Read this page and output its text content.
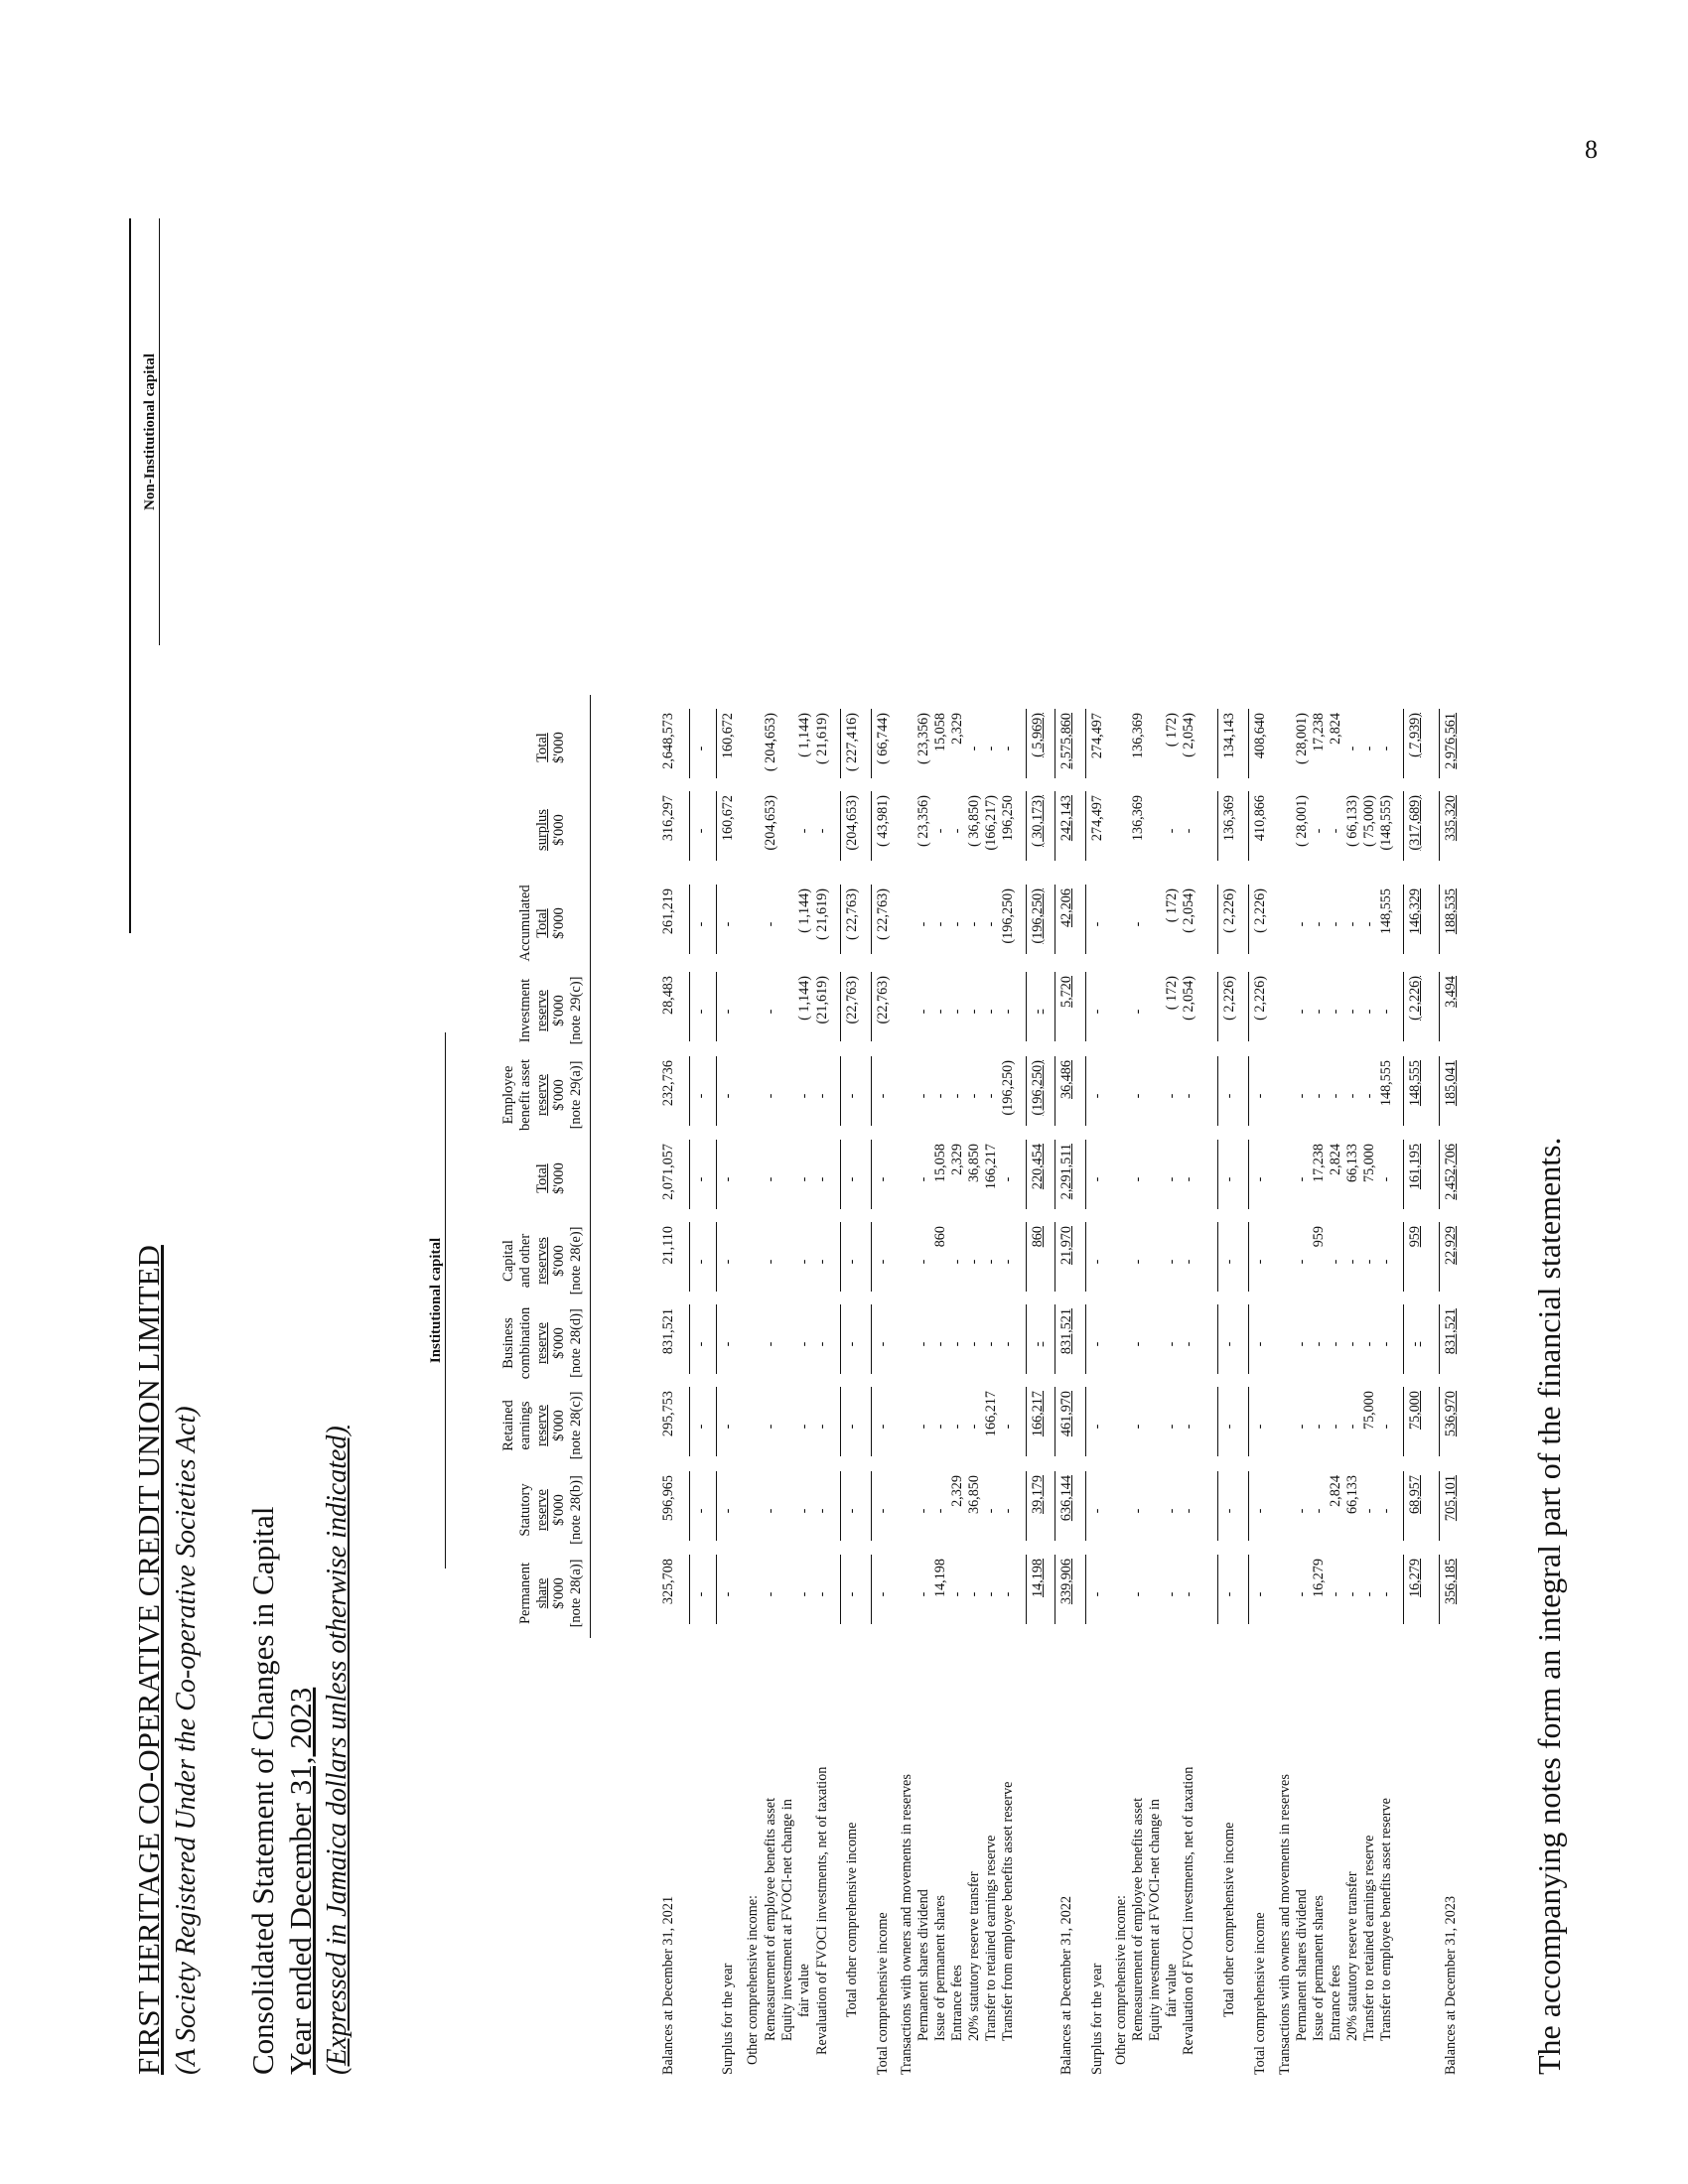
8
FIRST HERITAGE CO-OPERATIVE CREDIT UNION LIMITED (A Society Registered Under the Co-operative Societies Act) Consolidated Statement of Changes in Capital Year ended December 31, 2023 (Expressed in Jamaica dollars unless otherwise indicated)
Institutional capital
Non-Institutional capital
Permanent share $'000 [note 28(a)]
Statutory reserve $'000 [note 28(b)]
Retained earnings reserve $'000 [note 28(c)]
Business combination reserve $'000 [note 28(d)]
Capital and other reserves $'000 [note 28(e)]
Total $'000
Employee benefit asset reserve $'000 [note 29(a)]
Investment reserve $'000 [note 29(c)]
Accumulated Total $'000
surplus $'000
Total $'000
Balances at December 31, 2021
325,708
596,965
295,753
831,521
21,110
2,071,057
232,736
28,483
261,219
316,297
2,648,573
-
-
-
-
-
-
-
-
-
-
-
Surplus for the year
-
-
-
-
-
-
-
-
-
160,672
160,672
Other comprehensive income: Remeasurement of employee benefits asset
-
-
-
-
-
-
-
-
-
(204,653)
( 204,653)
Equity investment at FVOCI-net change in fair value
-
-
-
-
-
-
-
( 1,144)
( 1,144)
-
( 1,144)
Revaluation of FVOCI investments, net of taxation
-
-
-
-
-
-
-
(21,619)
( 21,619)
-
( 21,619)
Total other comprehensive income
-
-
-
-
-
-
-
(22,763)
( 22,763)
(204,653)
( 227,416)
Total comprehensive income
-
-
-
-
-
-
-
(22,763)
( 22,763)
( 43,981)
( 66,744)
Transactions with owners and movements in reserves Permanent shares dividend
-
-
-
-
-
-
-
-
-
( 23,356)
( 23,356)
Issue of permanent shares
14,198
-
-
-
860
15,058
-
-
-
-
15,058
Entrance fees
-
2,329
-
-
-
2,329
-
-
-
-
2,329
20% statutory reserve transfer
-
36,850
-
-
-
36,850
-
-
-
( 36,850)
-
Transfer to retained earnings reserve
-
-
166,217
-
-
166,217
-
-
-
(166,217)
-
Transfer from employee benefits asset reserve
-
-
-
-
-
-
(196,250)
-
(196,250)
196,250
-
14,198
39,179
166,217
-
860
220,454
(196,250)
-
(196,250)
( 30,173)
( 5,969)
Balances at December 31, 2022
339,906
636,144
461,970
831,521
21,970
2,291,511
36,486
5,720
42,206
242,143
2,575,860
Surplus for the year
-
-
-
-
-
-
-
-
-
274,497
274,497
Other comprehensive income: Remeasurement of employee benefits asset
-
-
-
-
-
-
-
-
-
136,369
136,369
Equity investment at FVOCI-net change in fair value
-
-
-
-
-
-
-
( 172)
( 172)
-
( 172)
Revaluation of FVOCI investments, net of taxation
-
-
-
-
-
-
-
( 2,054)
( 2,054)
-
( 2,054)
Total other comprehensive income
-
-
-
-
-
-
-
( 2,226)
( 2,226)
136,369
134,143
Total comprehensive income
-
-
-
-
-
-
-
( 2,226)
( 2,226)
410,866
408,640
Transactions with owners and movements in reserves Permanent shares dividend
-
-
-
-
-
-
-
-
-
( 28,001)
( 28,001)
Issue of permanent shares
16,279
-
-
-
959
17,238
-
-
-
-
17,238
Entrance fees
-
2,824
-
-
-
2,824
-
-
-
-
2,824
20% statutory reserve transfer
-
66,133
-
-
-
66,133
-
-
-
( 66,133)
-
Transfer to retained earnings reserve
-
-
75,000
-
-
75,000
-
-
-
( 75,000)
-
Transfer to employee benefits asset reserve
-
-
-
-
-
-
148,555
-
148,555
(148,555)
-
16,279
68,957
75,000
-
959
161,195
148,555
( 2,226)
146,329
(317,689)
( 7,939)
Balances at December 31, 2023
356,185
705,101
536,970
831,521
22,929
2,452,706
185,041
3,494
188,535
335,320
2,976,561
The accompanying notes form an integral part of the financial statements.
